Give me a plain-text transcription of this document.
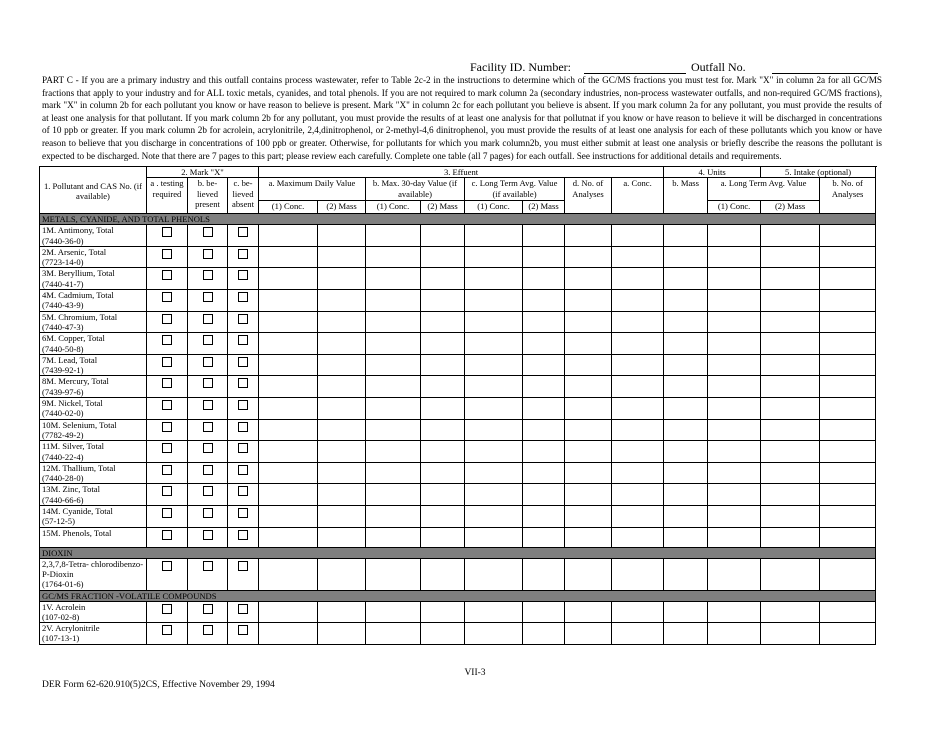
Facility ID. Number:	Outfall No.

PART C - If you are a primary industry and this outfall contains process wastewater, refer to Table 2c-2 in the instructions to determine which of the GC/MS fractions you must test for. Mark "X" in column 2a for all GC/MS fractions that apply to your industry and for ALL toxic metals, cyanides, and total phenols. If you are not required to mark column 2a (secondary industries, non-process wastewater outfalls, and non-required GC/MS fractions), mark "X" in column 2b for each pollutant you know or have reason to believe is present. Mark "X" in column 2c for each pollutant you believe is absent. If you mark column 2a for any pollutant, you must provide the results of at least one analysis for that pollutant. If you mark column 2b for any pollutant, you must provide the results of at least one analysis for that pollutnat if you know or have reason to believe it will be discharged in concentrations of 10 ppb or greater. If you mark column 2b for acrolein, acrylonitrile, 2,4,dinitrophenol, or 2-methyl-4,6 dinitrophenol, you must provide the results of at least one analysis for each of these pollutants which you know or have reason to believe that you discharge in concentrations of 100 ppb or greater. Otherwise, for pollutants for which you mark column2b, you must either submit at least one analysis or briefly describe the reasons the pollutant is expected to be discharged. Note that there are 7 pages to this part; please review each carefully. Complete one table (all 7 pages) for each outfall. See instructions for additional details and requirements.

1. Pollutant and CAS No. (if available)	2. Mark "X"			3. Effuent								4. Units		5. Intake (optional)	
	a . testing required	b. be- lieved present	c. be- lieved absent	a. Maximum Daily Value		b. Max. 30-day Value (if available)		c. Long Term Avg. Value (if available)		d. No. of Analyses	a. Conc.	b. Mass	a. Long Term Avg. Value		b. No. of Analyses
				(1) Conc.	(2) Mass	(1) Conc.	(2) Mass	(1) Conc.	(2) Mass				(1) Conc.	(2) Mass	
METALS, CYANIDE, AND TOTAL PHENOLS															

1M. Antimony, Total
(7440-36-0)															

2M. Arsenic, Total
(7723-14-0)															

3M. Beryllium, Total
(7440-41-7)															

4M. Cadmium, Total
(7440-43-9)															

5M. Chromium, Total
(7440-47-3)															

6M. Copper, Total
(7440-50-8)															

7M. Lead, Total
(7439-92-1)															

8M. Mercury, Total
(7439-97-6)															

9M. Nickel, Total
(7440-02-0)															

10M. Selenium, Total
(7782-49-2)															

11M. Silver, Total
(7440-22-4)															

12M. Thallium, Total
(7440-28-0)															

13M. Zinc, Total
(7440-66-6)															

14M. Cyanide, Total
(57-12-5)															

15M. Phenols, Total															

DIOXIN															

2,3,7,8-Tetra- chlorodibenzo-P-Dioxin
(1764-01-6)															

GC/MS FRACTION -VOLATILE COMPOUNDS															

1V. Acrolein
(107-02-8)															

2V. Acrylonitrile
(107-13-1)															

VII-3
DER Form 62-620.910(5)2CS, Effective November 29, 1994
